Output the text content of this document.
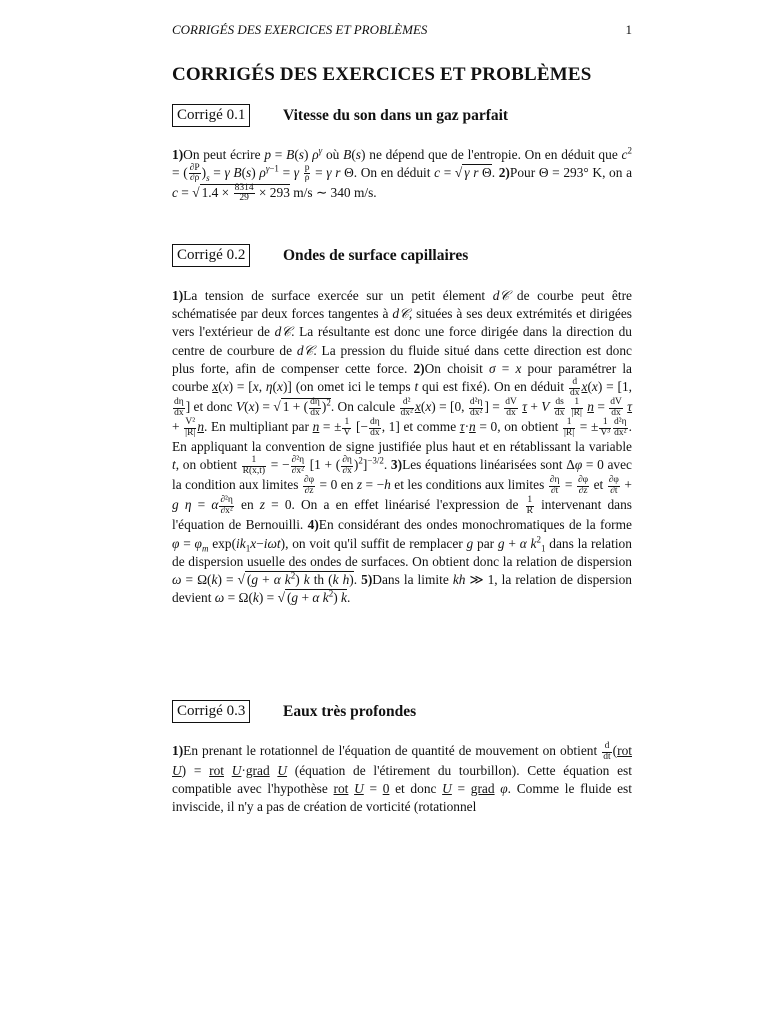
CORRIGÉS DES EXERCICES ET PROBLÈMES	1
CORRIGÉS DES EXERCICES ET PROBLÈMES
Corrigé 0.1 Vitesse du son dans un gaz parfait

1)On peut écrire p = B(s) $\rho^\gamma$ où B(s) ne dépend que de l'entropie. On en déduit que $c^2$ = ( $\frac{\partial P}{\partial\rho} )_s = \gamma$ B(s) $\rho^{\gamma-1} = \gamma \frac{p}{\rho} = \gamma$ r Θ. On en déduit c = √ γ r Θ. 2)Pour Θ = 293° K, on a c = √ $1.4 \times \frac{8314}{29} \times 293$ m/s ∼ 340 m/s.

Corrigé 0.2 Ondes de surface capillaires

1)La tension de surface exercée sur un petit élement d𝒞 de courbe peut être schématisée par deux forces tangentes à d𝒞, situées à ses deux extrémités et dirigées vers l'extérieur de d𝒞. La résultante est donc une force dirigée dans la direction du centre de courbure de d𝒞. La pression du fluide situé dans cette direction est donc plus forte, afin de compenser cette force. 2)On choisit σ = x pour paramétrer la courbe x(x) = [x, η(x)] (on omet ici le temps t qui est fixé). On en déduit $\frac{d}{dx} x(x) = [1$,
$\frac{d\eta}{dx}$ ] et donc V(x) = √ 1 + ( $\frac{d\eta}{dx} )^2$. On calcule $\frac{\text{d²}}{\text{dx²}} x(x) = [0$, $\frac{\text{d²η}}{\text{dx²}}$ ] = $\frac{dV}{dx}$ τ + V $\frac{ds}{dx}$
$\frac{1}{|R|}$ $n = \frac{dV}{dx}$ $\tau + \frac{\text{V²}}{|R|} n$. En multipliant par n = ± $\frac{1}{V}$ [− $\frac{d\eta}{dx}$ , 1] et comme τ·n = 0, on obtient $\frac{1}{|R|}$ = ± $\frac{1}{\text{V³}} \frac{\text{d²η}}{\text{dx²}}$ . En appliquant la convention de signe justifiée plus haut et en rétablissant la variable t, on obtient $\frac{1}{R(x,t)}$ = − $\frac{\text{∂²η}}{\text{∂x²}} [1$ + ( $\frac{\partial\eta}{\partial x} )^2]^{-3/2}$. 3)Les équations linéarisées sont Δφ = 0 avec la condition aux limites $\frac{\partial\varphi}{\partial z} = 0$ en z = −h et les conditions aux limites $\frac{\partial\eta}{\partial t} = \frac{\partial\varphi}{\partial z}$ et $\frac{\partial\varphi}{\partial t} + g$ η = α $\frac{\text{∂²η}}{\text{∂x²}}$ en z = 0. On a en effet linéarisé l'expression de $\frac{1}{R}$ intervenant dans l'équation de Bernouilli. 4)En considérant des ondes monochromatiques de la forme $\varphi = \varphi_m$ $\exp(ik_1x-i\omega t)$, on voit qu'il suffit de remplacer g par g + α $k^2_1$ dans la relation de dispersion usuelle des ondes de surfaces. On obtient donc la relation de dispersion ω = Ω(k) = √ (g + α $k^2$) k th (k h). 5)Dans la limite kh ≫ 1, la relation de dispersion devient ω = Ω(k) = √ (g + α $k^2$) k.

Corrigé 0.3 Eaux très profondes

1)En prenant le rotationnel de l'équation de quantité de mouvement on obtient $\frac{d}{dt} (rot$ U) = rot U·grad U (équation de l'étirement du tourbillon). Cette équation est compatible avec l'hypothèse rot U = 0 et donc U = grad φ. Comme le fluide est inviscide, il n'y a pas de création de vorticité (rotationnel
